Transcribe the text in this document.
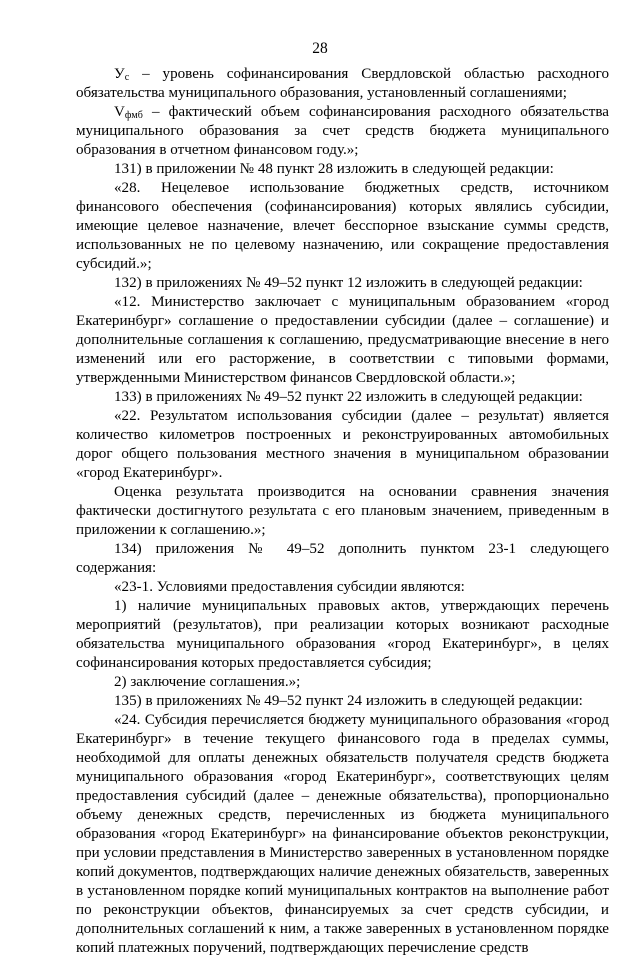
28

$У_с$ – уровень софинансирования Свердловской областью расходного обязательства муниципального образования, установленный соглашениями;

$V_{фмб}$ – фактический объем софинансирования расходного обязательства муниципального образования за счет средств бюджета муниципального образования в отчетном финансовом году.»;

131) в приложении № 48 пункт 28 изложить в следующей редакции:

«28. Нецелевое использование бюджетных средств, источником финансового обеспечения (софинансирования) которых являлись субсидии, имеющие целевое назначение, влечет бесспорное взыскание суммы средств, использованных не по целевому назначению, или сокращение предоставления субсидий.»;

132) в приложениях № 49–52 пункт 12 изложить в следующей редакции:

«12. Министерство заключает с муниципальным образованием «город Екатеринбург» соглашение о предоставлении субсидии (далее – соглашение) и дополнительные соглашения к соглашению, предусматривающие внесение в него изменений или его расторжение, в соответствии с типовыми формами, утвержденными Министерством финансов Свердловской области.»;

133) в приложениях № 49–52 пункт 22 изложить в следующей редакции:

«22. Результатом использования субсидии (далее – результат) является количество километров построенных и реконструированных автомобильных дорог общего пользования местного значения в муниципальном образовании «город Екатеринбург».

Оценка результата производится на основании сравнения значения фактически достигнутого результата с его плановым значением, приведенным в приложении к соглашению.»;

134) приложения № 49–52 дополнить пунктом 23-1 следующего содержания:

«23-1. Условиями предоставления субсидии являются:

1) наличие муниципальных правовых актов, утверждающих перечень мероприятий (результатов), при реализации которых возникают расходные обязательства муниципального образования «город Екатеринбург», в целях софинансирования которых предоставляется субсидия;

2) заключение соглашения.»;

135) в приложениях № 49–52 пункт 24 изложить в следующей редакции:

«24. Субсидия перечисляется бюджету муниципального образования «город Екатеринбург» в течение текущего финансового года в пределах суммы, необходимой для оплаты денежных обязательств получателя средств бюджета муниципального образования «город Екатеринбург», соответствующих целям предоставления субсидий (далее – денежные обязательства), пропорционально объему денежных средств, перечисленных из бюджета муниципального образования «город Екатеринбург» на финансирование объектов реконструкции, при условии представления в Министерство заверенных в установленном порядке копий документов, подтверждающих наличие денежных обязательств, заверенных в установленном порядке копий муниципальных контрактов на выполнение работ по реконструкции объектов, финансируемых за счет средств субсидии, и дополнительных соглашений к ним, а также заверенных в установленном порядке копий платежных поручений, подтверждающих перечисление средств
